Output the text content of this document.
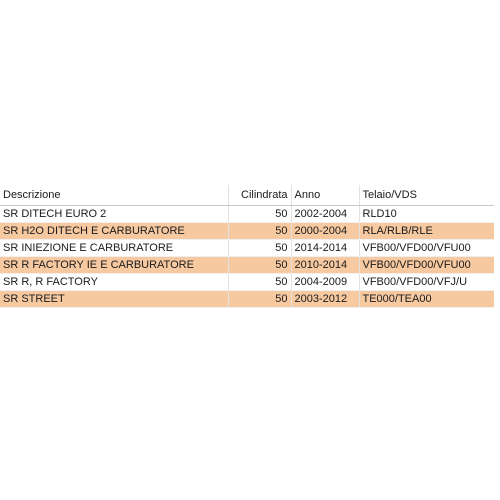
Descrizione	Cilindrata	Anno	Telaio/VDS
SR DITECH EURO 2	50	2002-2004	RLD10
SR H2O DITECH E CARBURATORE	50	2000-2004	RLA/RLB/RLE
SR INIEZIONE E CARBURATORE	50	2014-2014	VFB00/VFD00/VFU00
SR R FACTORY IE E CARBURATORE	50	2010-2014	VFB00/VFD00/VFU00
SR R, R FACTORY	50	2004-2009	VFB00/VFD00/VFJ/U
SR STREET	50	2003-2012	TE000/TEA00
